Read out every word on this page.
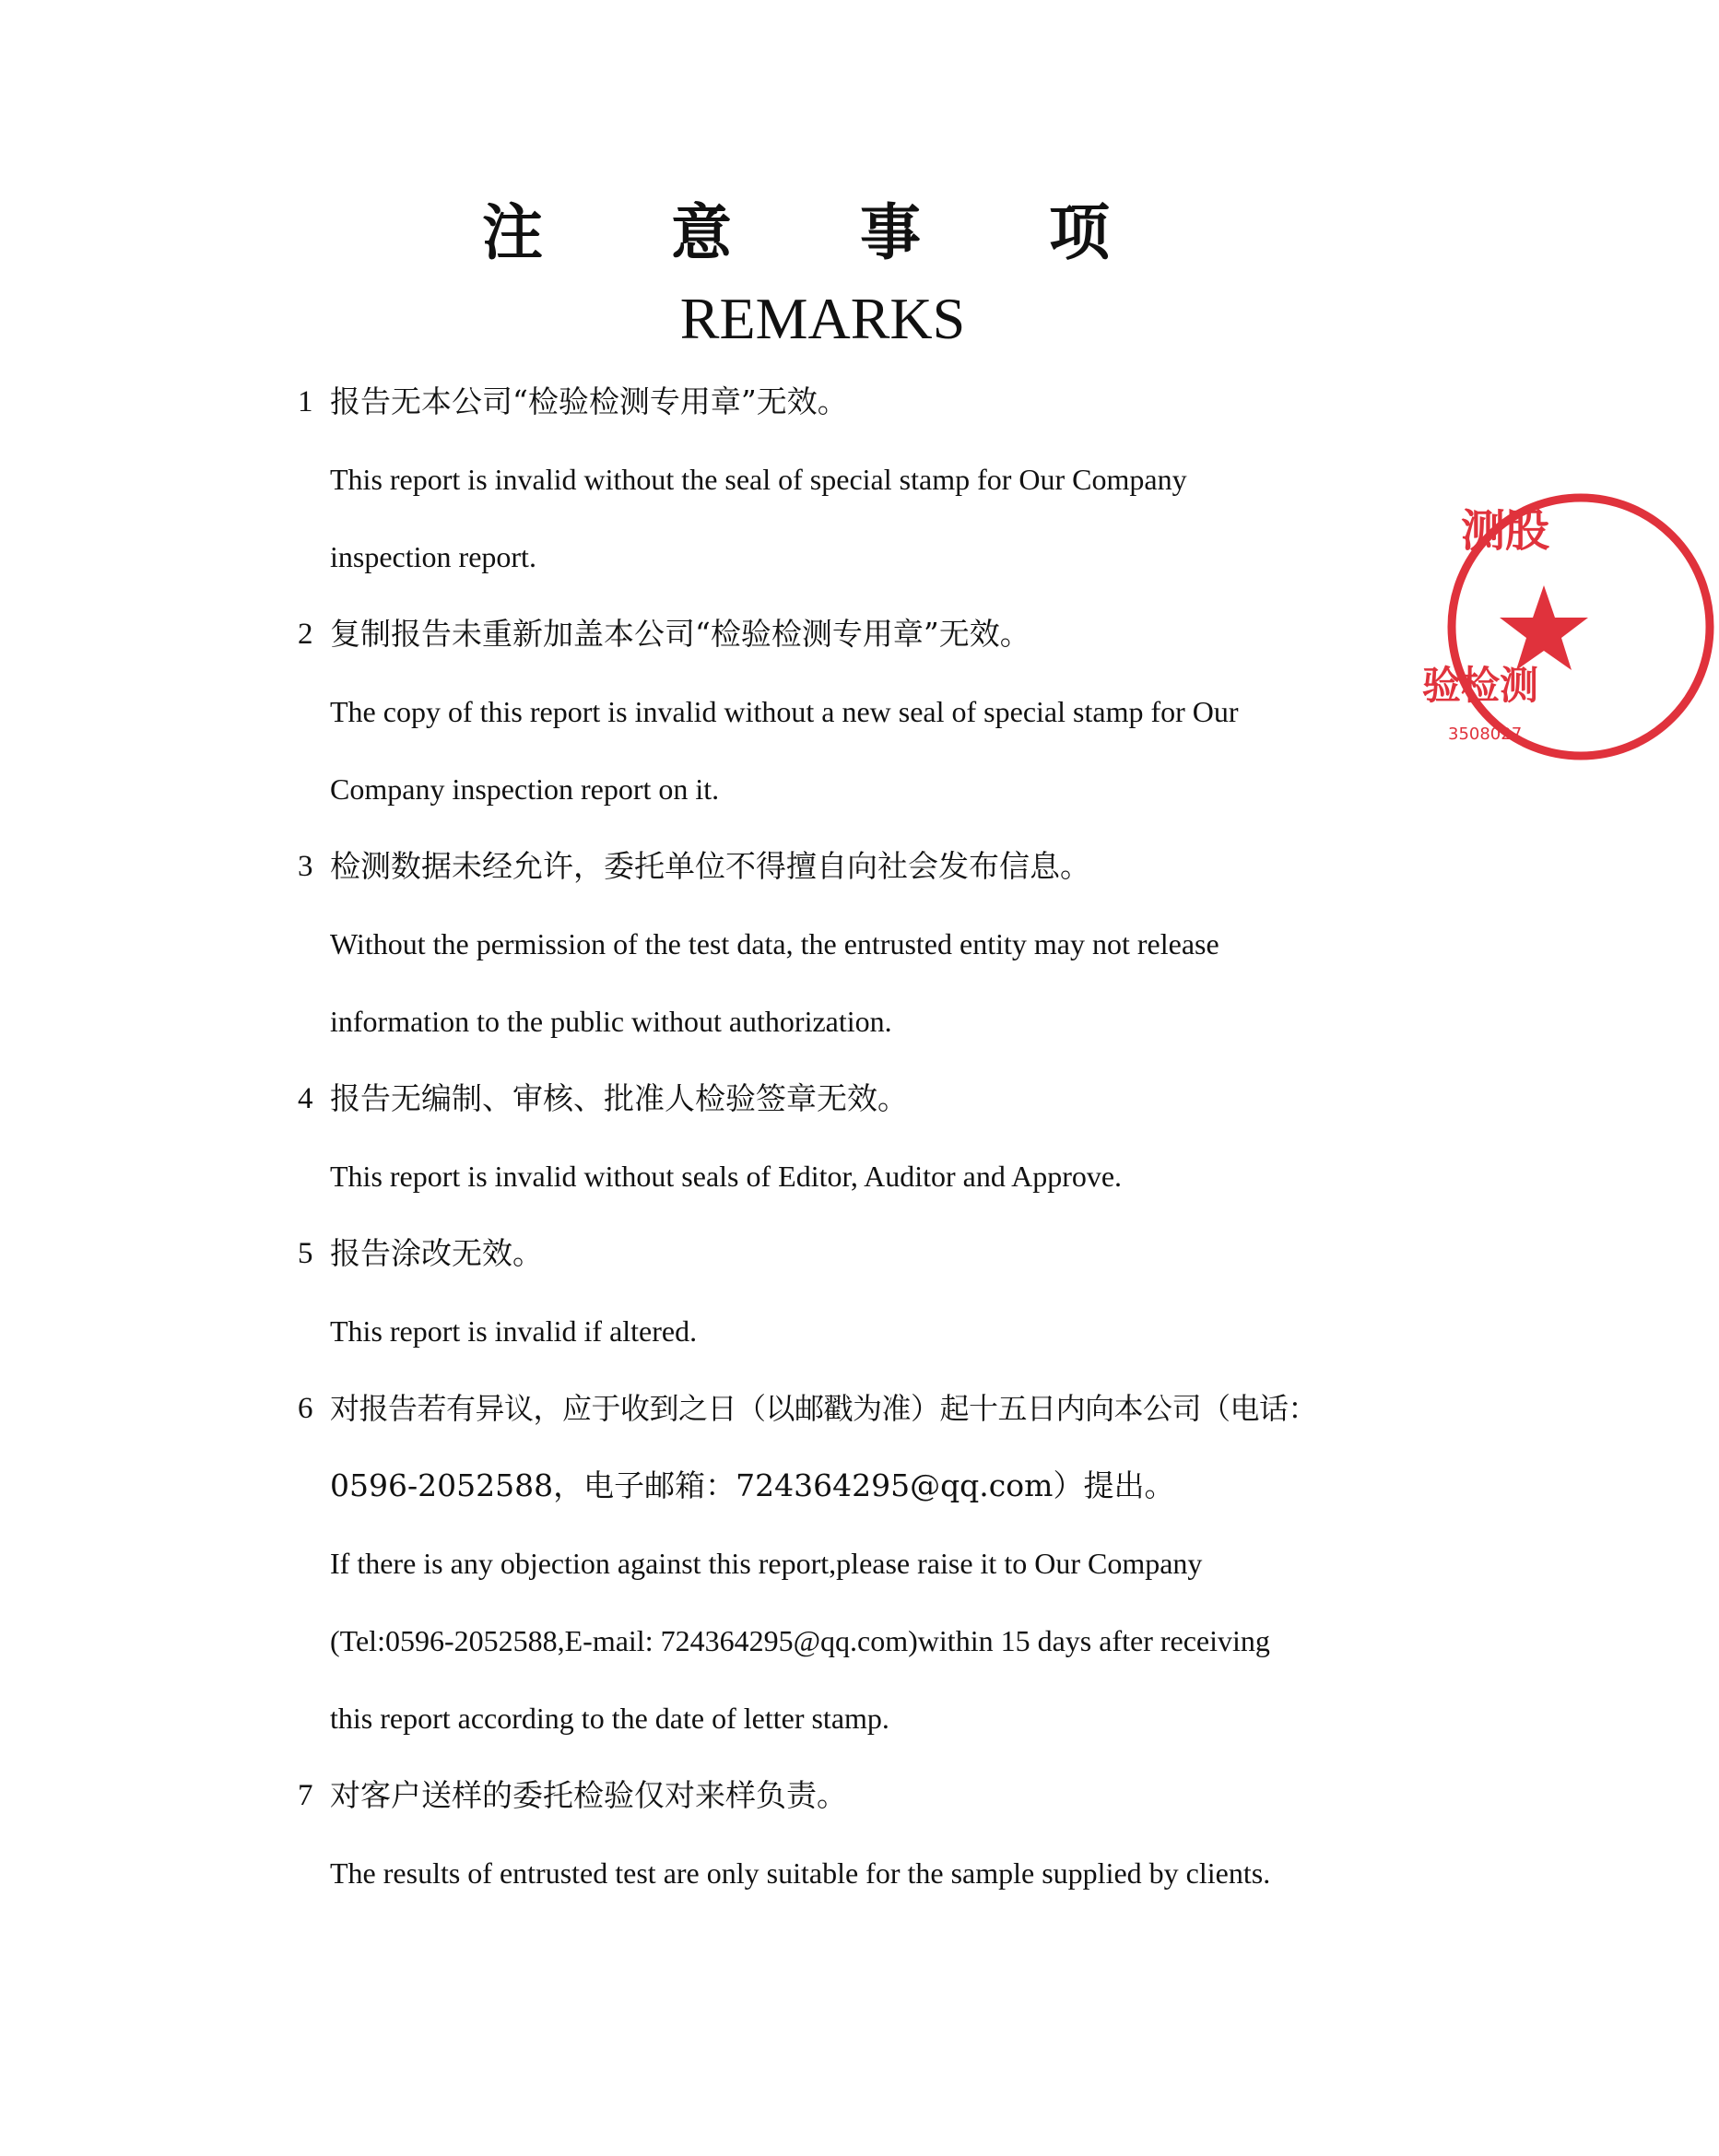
注 意 事 项
REMARKS
1 报告无本公司“检验检测专用章”无效。
This report is invalid without the seal of special stamp for Our Company
inspection report.
2 复制报告未重新加盖本公司“检验检测专用章”无效。
The copy of this report is invalid without a new seal of special stamp for Our
Company inspection report on it.
3 检测数据未经允许，委托单位不得擅自向社会发布信息。
Without the permission of the test data, the entrusted entity may not release
information to the public without authorization.
4 报告无编制、审核、批准人检验签章无效。
This report is invalid without seals of Editor, Auditor and Approve.
5 报告涂改无效。
This report is invalid if altered.
6 对报告若有异议，应于收到之日（以邮戳为准）起十五日内向本公司（电话：
0596-2052588，电子邮箱：724364295@qq.com）提出。
If there is any objection against this report,please raise it to Our Company
(Tel:0596-2052588,E-mail: 724364295@qq.com)within 15 days after receiving
this report according to the date of letter stamp.
7 对客户送样的委托检验仅对来样负责。
The results of entrusted test are only suitable for the sample supplied by clients.
测股
验检测
3508027
